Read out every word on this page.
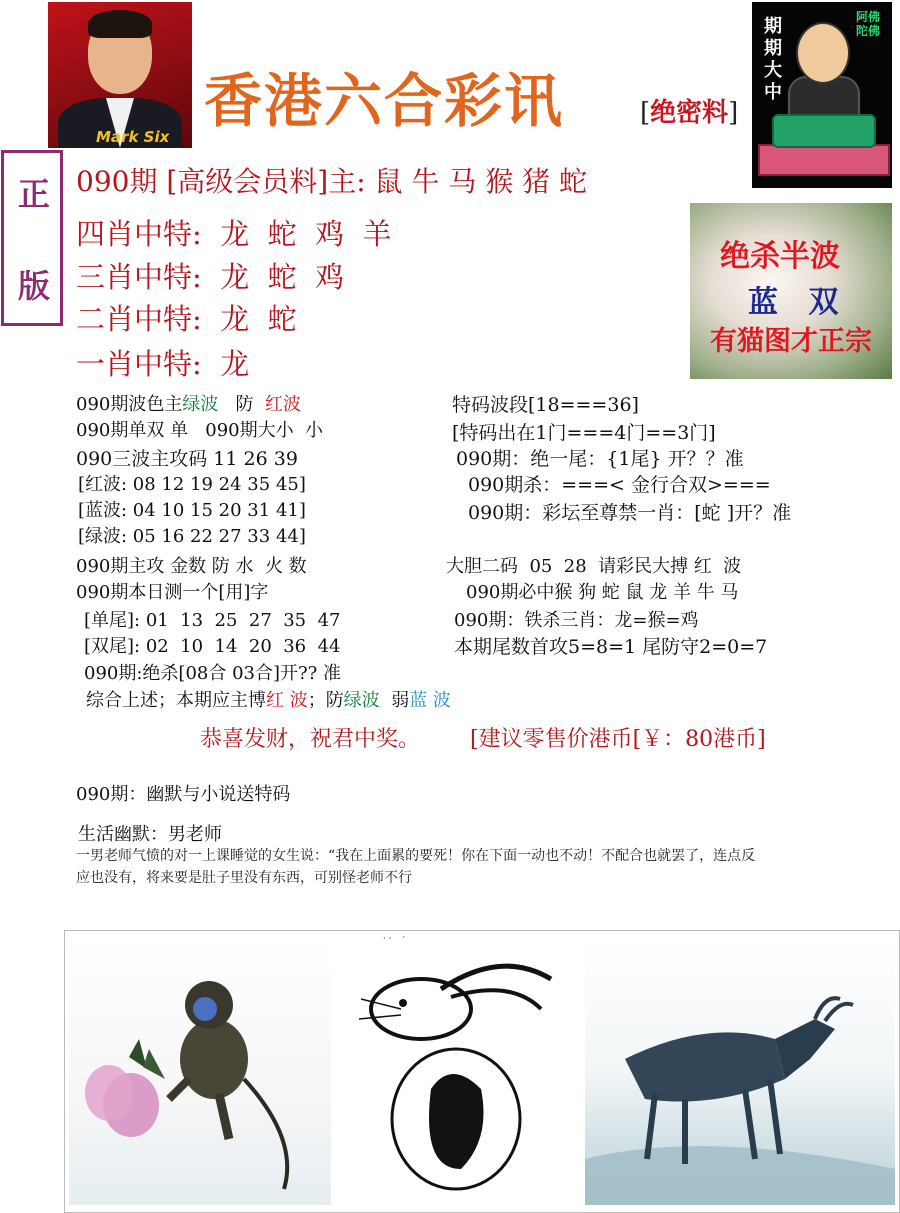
Mark Six
香港六合彩讯	[绝密料]
期期大中
阿佛陀佛
正
版
090期 [高级会员料]主: 鼠 牛 马 猴 猪 蛇
四肖中特: 龙  蛇  鸡  羊
三肖中特: 龙  蛇  鸡
二肖中特: 龙  蛇
一肖中特: 龙
绝杀半波
蓝 双
有猫图才正宗
090期波色主绿波 防 红波
090期单双 单   090期大小  小
090三波主攻码 11 26 39
[红波: 08 12 19 24 35 45]
[蓝波: 04 10 15 20 31 41]
[绿波: 05 16 22 27 33 44]
090期主攻 金数 防 水  火 数
090期本日测一个[用]字
[单尾]: 01  13  25  27  35  47
[双尾]: 02  10  14  20  36  44
090期:绝杀[08合 03合]开?? 准
综合上述；本期应主博红 波；防绿波 弱蓝 波
特码波段[18===36]
[特码出在1门===4门==3门]
090期：绝一尾：{1尾} 开？？准
090期杀：===< 金行合双>===
090期：彩坛至尊禁一肖：[蛇 ]开？准
大胆二码  05  28  请彩民大搏 红  波
090期必中猴 狗 蛇 鼠 龙 羊 牛 马
090期：铁杀三肖：龙=猴=鸡
本期尾数首攻5=8=1 尾防守2=0=7
恭喜发财，祝君中奖。 [建议零售价港币[￥：80港币]
090期：幽默与小说送特码
生活幽默：男老师
一男老师气愤的对一上课睡觉的女生说：“我在上面累的要死！你在下面一动也不动！不配合也就罢了，连点反
应也没有，将来要是肚子里没有东西，可别怪老师不行
